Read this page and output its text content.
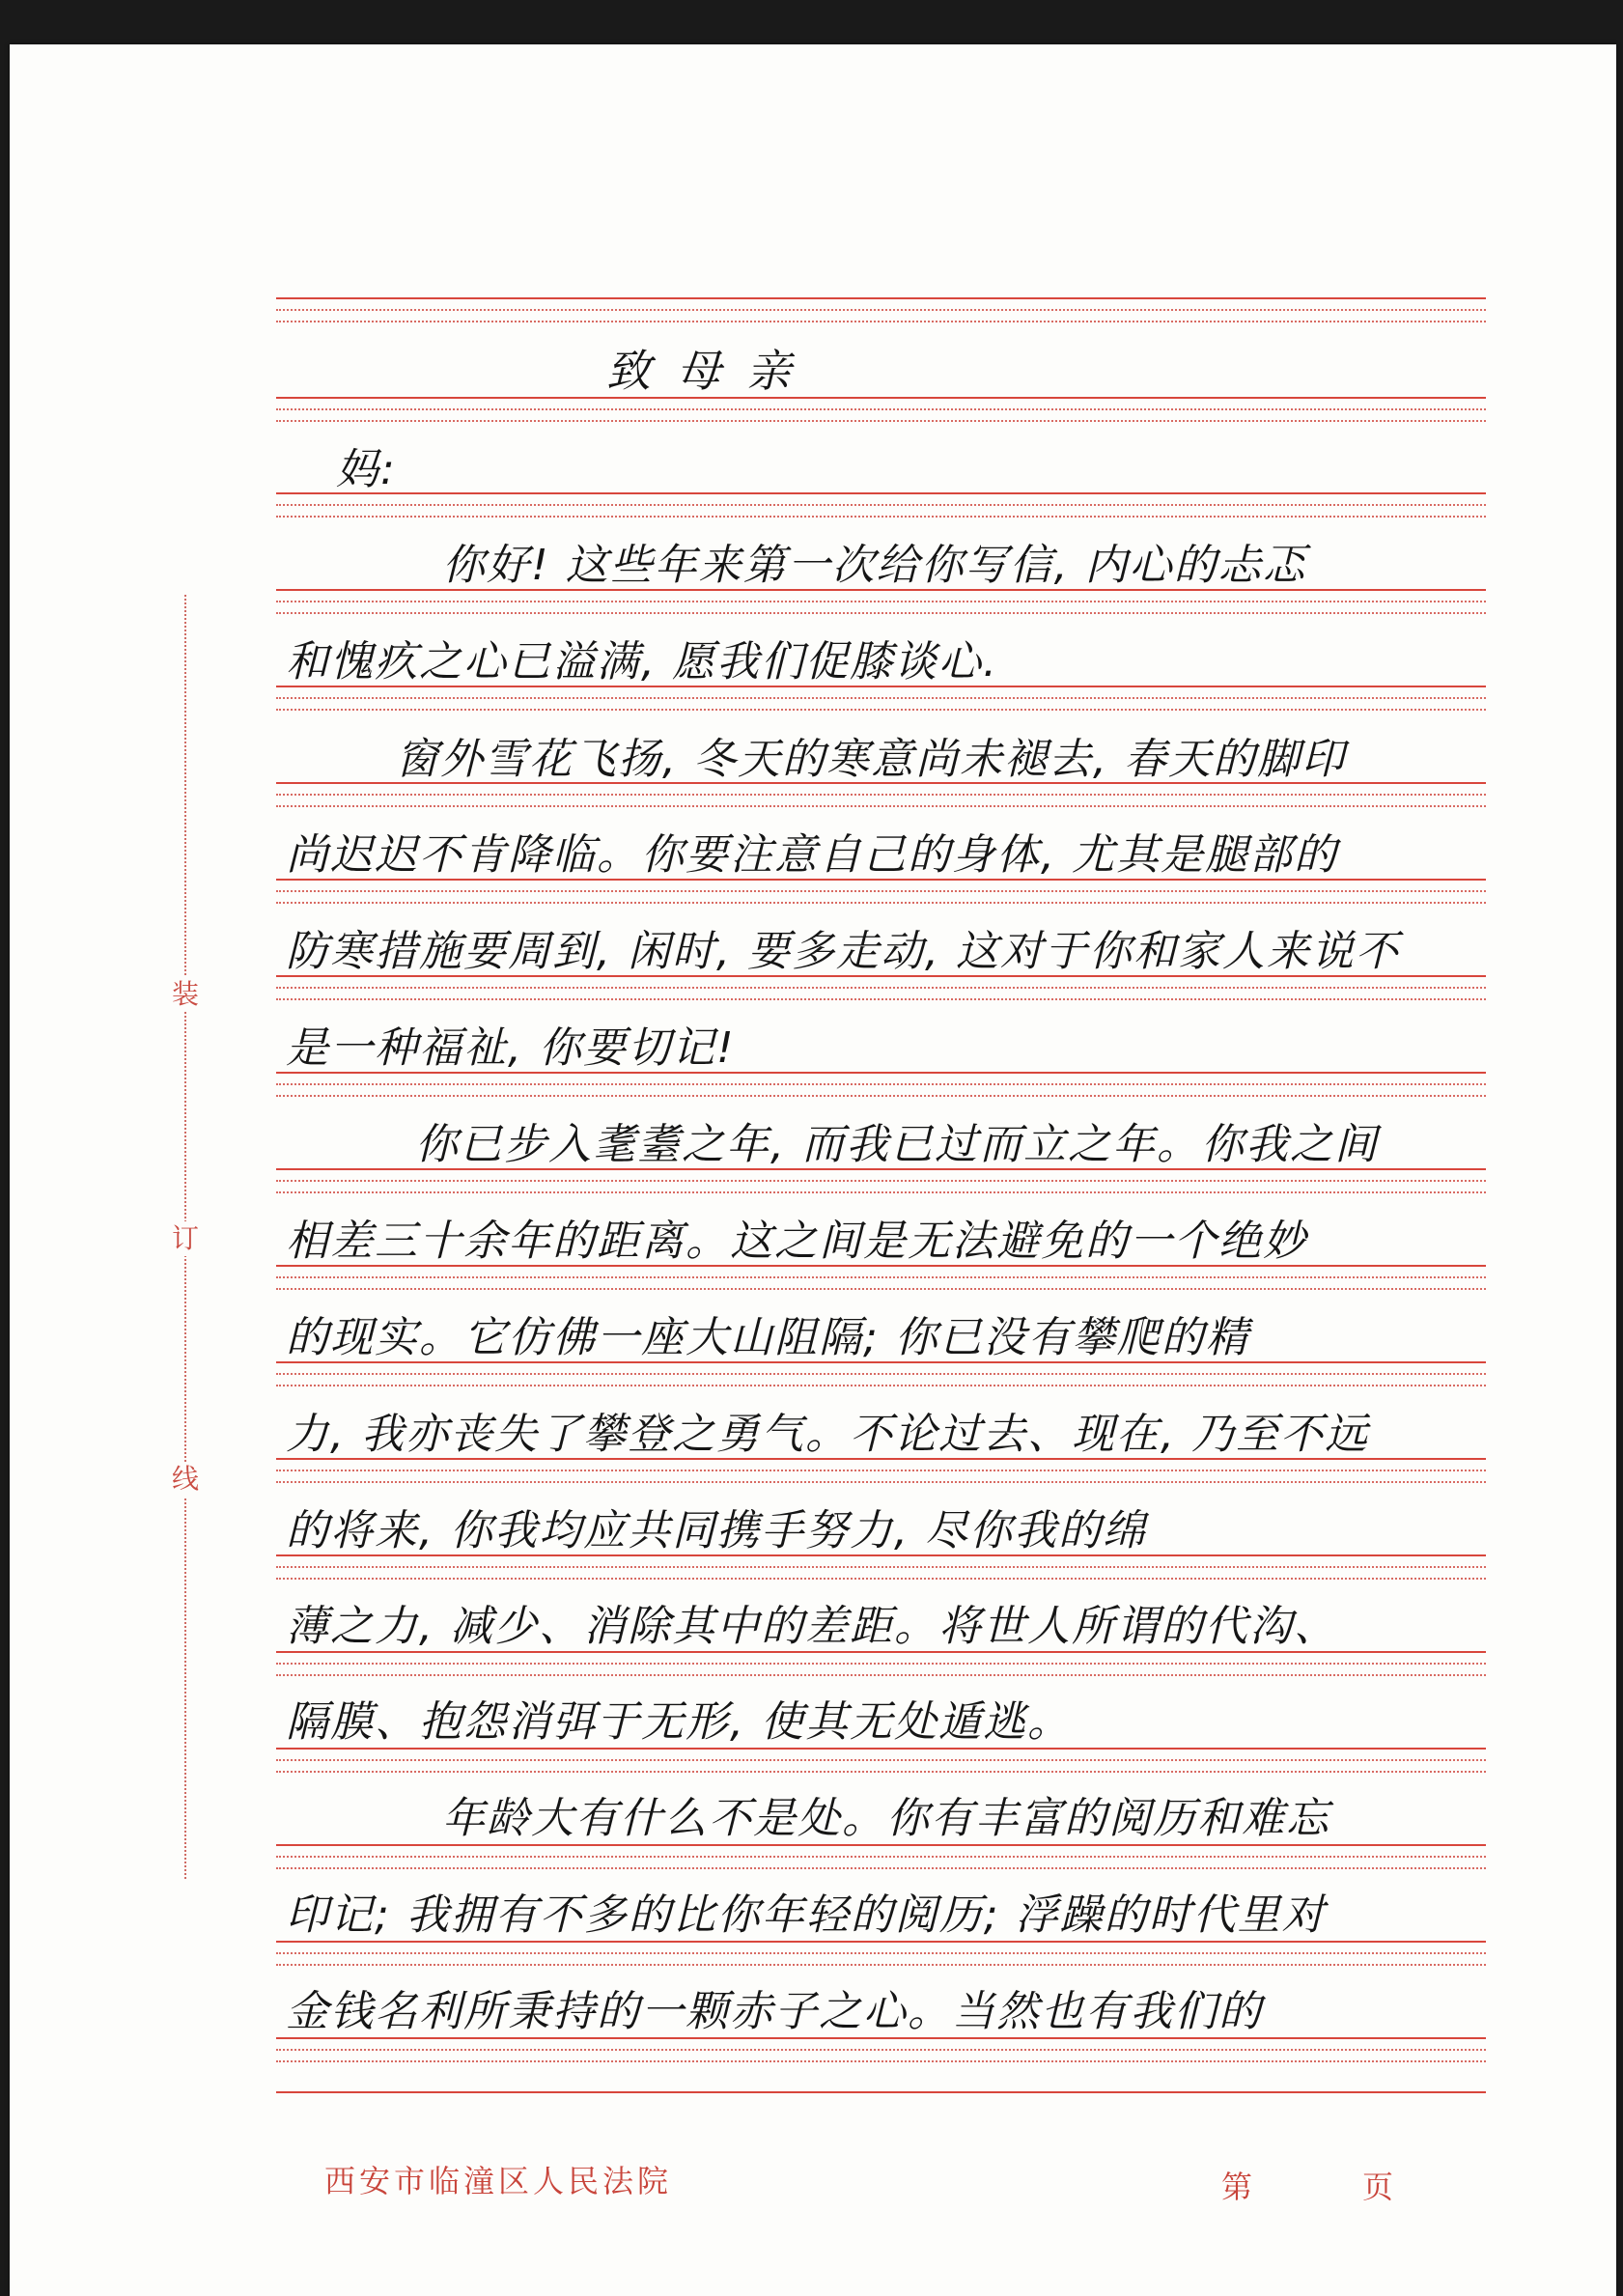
装
订
线

致 母 亲

妈:

你好! 这些年来第一次给你写信, 内心的忐忑

和愧疚之心已溢满, 愿我们促膝谈心.

窗外雪花飞扬, 冬天的寒意尚未褪去, 春天的脚印

尚迟迟不肯降临。你要注意自己的身体, 尤其是腿部的

防寒措施要周到, 闲时, 要多走动, 这对于你和家人来说不

是一种福祉, 你要切记!

你已步入耄耋之年, 而我已过而立之年。你我之间

相差三十余年的距离。这之间是无法避免的一个绝妙

的现实。它仿佛一座大山阻隔; 你已没有攀爬的精

力, 我亦丧失了攀登之勇气。不论过去、现在, 乃至不远

的将来, 你我均应共同携手努力, 尽你我的绵

薄之力, 减少、消除其中的差距。将世人所谓的代沟、

隔膜、抱怨消弭于无形, 使其无处遁逃。

年龄大有什么不是处。你有丰富的阅历和难忘

印记; 我拥有不多的比你年轻的阅历; 浮躁的时代里对

金钱名利所秉持的一颗赤子之心。当然也有我们的

西安市临潼区人民法院	第	页
